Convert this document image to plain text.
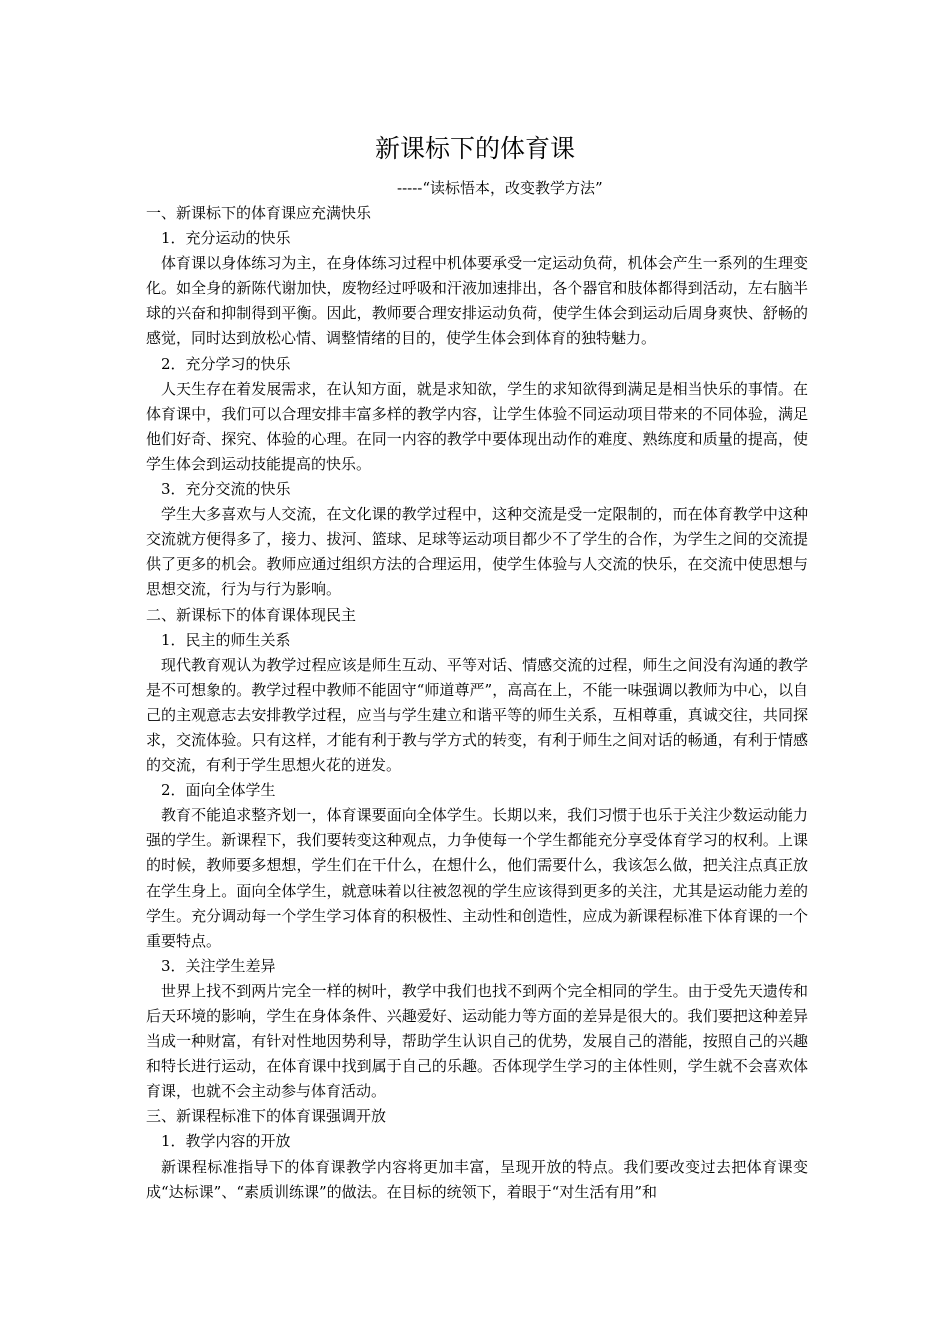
新课标下的体育课

-----“读标悟本，改变教学方法”

一、新课标下的体育课应充满快乐

1．充分运动的快乐

体育课以身体练习为主，在身体练习过程中机体要承受一定运动负荷，机体会产生一系列的生理变化。如全身的新陈代谢加快，废物经过呼吸和汗液加速排出，各个器官和肢体都得到活动，左右脑半球的兴奋和抑制得到平衡。因此，教师要合理安排运动负荷，使学生体会到运动后周身爽快、舒畅的感觉，同时达到放松心情、调整情绪的目的，使学生体会到体育的独特魅力。

2．充分学习的快乐

人天生存在着发展需求，在认知方面，就是求知欲，学生的求知欲得到满足是相当快乐的事情。在体育课中，我们可以合理安排丰富多样的教学内容，让学生体验不同运动项目带来的不同体验，满足他们好奇、探究、体验的心理。在同一内容的教学中要体现出动作的难度、熟练度和质量的提高，使学生体会到运动技能提高的快乐。

3．充分交流的快乐

学生大多喜欢与人交流，在文化课的教学过程中，这种交流是受一定限制的，而在体育教学中这种交流就方便得多了，接力、拔河、篮球、足球等运动项目都少不了学生的合作，为学生之间的交流提供了更多的机会。教师应通过组织方法的合理运用，使学生体验与人交流的快乐，在交流中使思想与思想交流，行为与行为影响。

二、新课标下的体育课体现民主

1．民主的师生关系

现代教育观认为教学过程应该是师生互动、平等对话、情感交流的过程，师生之间没有沟通的教学是不可想象的。教学过程中教师不能固守“师道尊严”，高高在上，不能一味强调以教师为中心，以自己的主观意志去安排教学过程，应当与学生建立和谐平等的师生关系，互相尊重，真诚交往，共同探求，交流体验。只有这样，才能有利于教与学方式的转变，有利于师生之间对话的畅通，有利于情感的交流，有利于学生思想火花的迸发。

2．面向全体学生

教育不能追求整齐划一，体育课要面向全体学生。长期以来，我们习惯于也乐于关注少数运动能力强的学生。新课程下，我们要转变这种观点，力争使每一个学生都能充分享受体育学习的权利。上课的时候，教师要多想想，学生们在干什么，在想什么，他们需要什么，我该怎么做，把关注点真正放在学生身上。面向全体学生，就意味着以往被忽视的学生应该得到更多的关注，尤其是运动能力差的学生。充分调动每一个学生学习体育的积极性、主动性和创造性，应成为新课程标准下体育课的一个重要特点。

3．关注学生差异

世界上找不到两片完全一样的树叶，教学中我们也找不到两个完全相同的学生。由于受先天遗传和后天环境的影响，学生在身体条件、兴趣爱好、运动能力等方面的差异是很大的。我们要把这种差异当成一种财富，有针对性地因势利导，帮助学生认识自己的优势，发展自己的潜能，按照自己的兴趣和特长进行运动，在体育课中找到属于自己的乐趣。否体现学生学习的主体性则，学生就不会喜欢体育课，也就不会主动参与体育活动。

三、新课程标准下的体育课强调开放

1．教学内容的开放

新课程标准指导下的体育课教学内容将更加丰富，呈现开放的特点。我们要改变过去把体育课变成“达标课”、“素质训练课”的做法。在目标的统领下，着眼于“对生活有用”和
